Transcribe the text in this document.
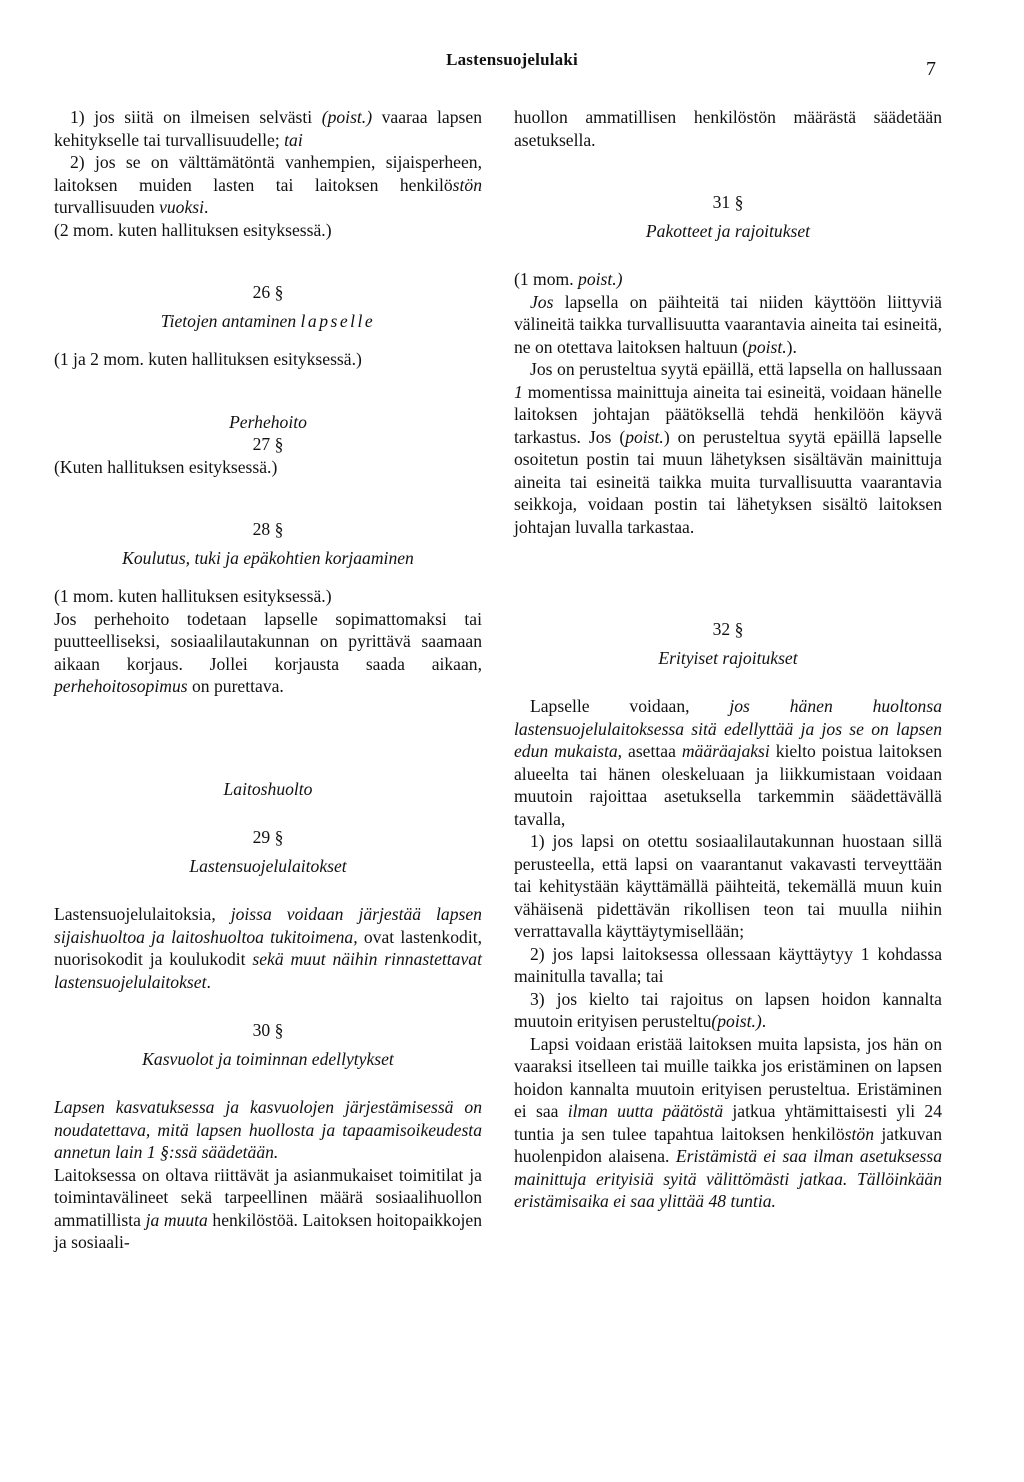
Lastensuojelulaki	7

1) jos siitä on ilmeisen selvästi (poist.) vaaraa lapsen kehitykselle tai turvallisuudelle; tai

2) jos se on välttämätöntä vanhempien, sijaisperheen, laitoksen muiden lasten tai laitoksen henkilöstön turvallisuuden vuoksi.

(2 mom. kuten hallituksen esityksessä.)

26 §

Tietojen antaminen lapselle

(1 ja 2 mom. kuten hallituksen esityksessä.)

Perhehoito

27 §

(Kuten hallituksen esityksessä.)

28 §

Koulutus, tuki ja epäkohtien korjaaminen

(1 mom. kuten hallituksen esityksessä.)

Jos perhehoito todetaan lapselle sopimattomaksi tai puutteelliseksi, sosiaalilautakunnan on pyrittävä saamaan aikaan korjaus. Jollei korjausta saada aikaan, perhehoitosopimus on purettava.

Laitoshuolto

29 §

Lastensuojelulaitokset

Lastensuojelulaitoksia, joissa voidaan järjestää lapsen sijaishuoltoa ja laitoshuoltoa tukitoimena, ovat lastenkodit, nuorisokodit ja koulukodit sekä muut näihin rinnastettavat lastensuojelulaitokset.

30 §

Kasvuolot ja toiminnan edellytykset

Lapsen kasvatuksessa ja kasvuolojen järjestämisessä on noudatettava, mitä lapsen huollosta ja tapaamisoikeudesta annetun lain 1 §:ssä säädetään.

Laitoksessa on oltava riittävät ja asianmukaiset toimitilat ja toimintavälineet sekä tarpeellinen määrä sosiaalihuollon ammatillista ja muuta henkilöstöä. Laitoksen hoitopaikkojen ja sosiaali-

huollon ammatillisen henkilöstön määrästä säädetään asetuksella.

31 §

Pakotteet ja rajoitukset

(1 mom. poist.)

Jos lapsella on päihteitä tai niiden käyttöön liittyviä välineitä taikka turvallisuutta vaarantavia aineita tai esineitä, ne on otettava laitoksen haltuun (poist.).

Jos on perusteltua syytä epäillä, että lapsella on hallussaan 1 momentissa mainittuja aineita tai esineitä, voidaan hänelle laitoksen johtajan päätöksellä tehdä henkilöön käyvä tarkastus. Jos (poist.) on perusteltua syytä epäillä lapselle osoitetun postin tai muun lähetyksen sisältävän mainittuja aineita tai esineitä taikka muita turvallisuutta vaarantavia seikkoja, voidaan postin tai lähetyksen sisältö laitoksen johtajan luvalla tarkastaa.

32 §

Erityiset rajoitukset

Lapselle voidaan, jos hänen huoltonsa lastensuojelulaitoksessa sitä edellyttää ja jos se on lapsen edun mukaista, asettaa määräajaksi kielto poistua laitoksen alueelta tai hänen oleskeluaan ja liikkumistaan voidaan muutoin rajoittaa asetuksella tarkemmin säädettävällä tavalla,

1) jos lapsi on otettu sosiaalilautakunnan huostaan sillä perusteella, että lapsi on vaarantanut vakavasti terveyttään tai kehitystään käyttämällä päihteitä, tekemällä muun kuin vähäisenä pidettävän rikollisen teon tai muulla niihin verrattavalla käyttäytymisellään;

2) jos lapsi laitoksessa ollessaan käyttäytyy 1 kohdassa mainitulla tavalla; tai

3) jos kielto tai rajoitus on lapsen hoidon kannalta muutoin erityisen perusteltu(poist.).

Lapsi voidaan eristää laitoksen muita lapsista, jos hän on vaaraksi itselleen tai muille taikka jos eristäminen on lapsen hoidon kannalta muutoin erityisen perusteltua. Eristäminen ei saa ilman uutta päätöstä jatkua yhtämittaisesti yli 24 tuntia ja sen tulee tapahtua laitoksen henkilöstön jatkuvan huolenpidon alaisena. Eristämistä ei saa ilman asetuksessa mainittuja erityisiä syitä välittömästi jatkaa. Tällöinkään eristämisaika ei saa ylittää 48 tuntia.
